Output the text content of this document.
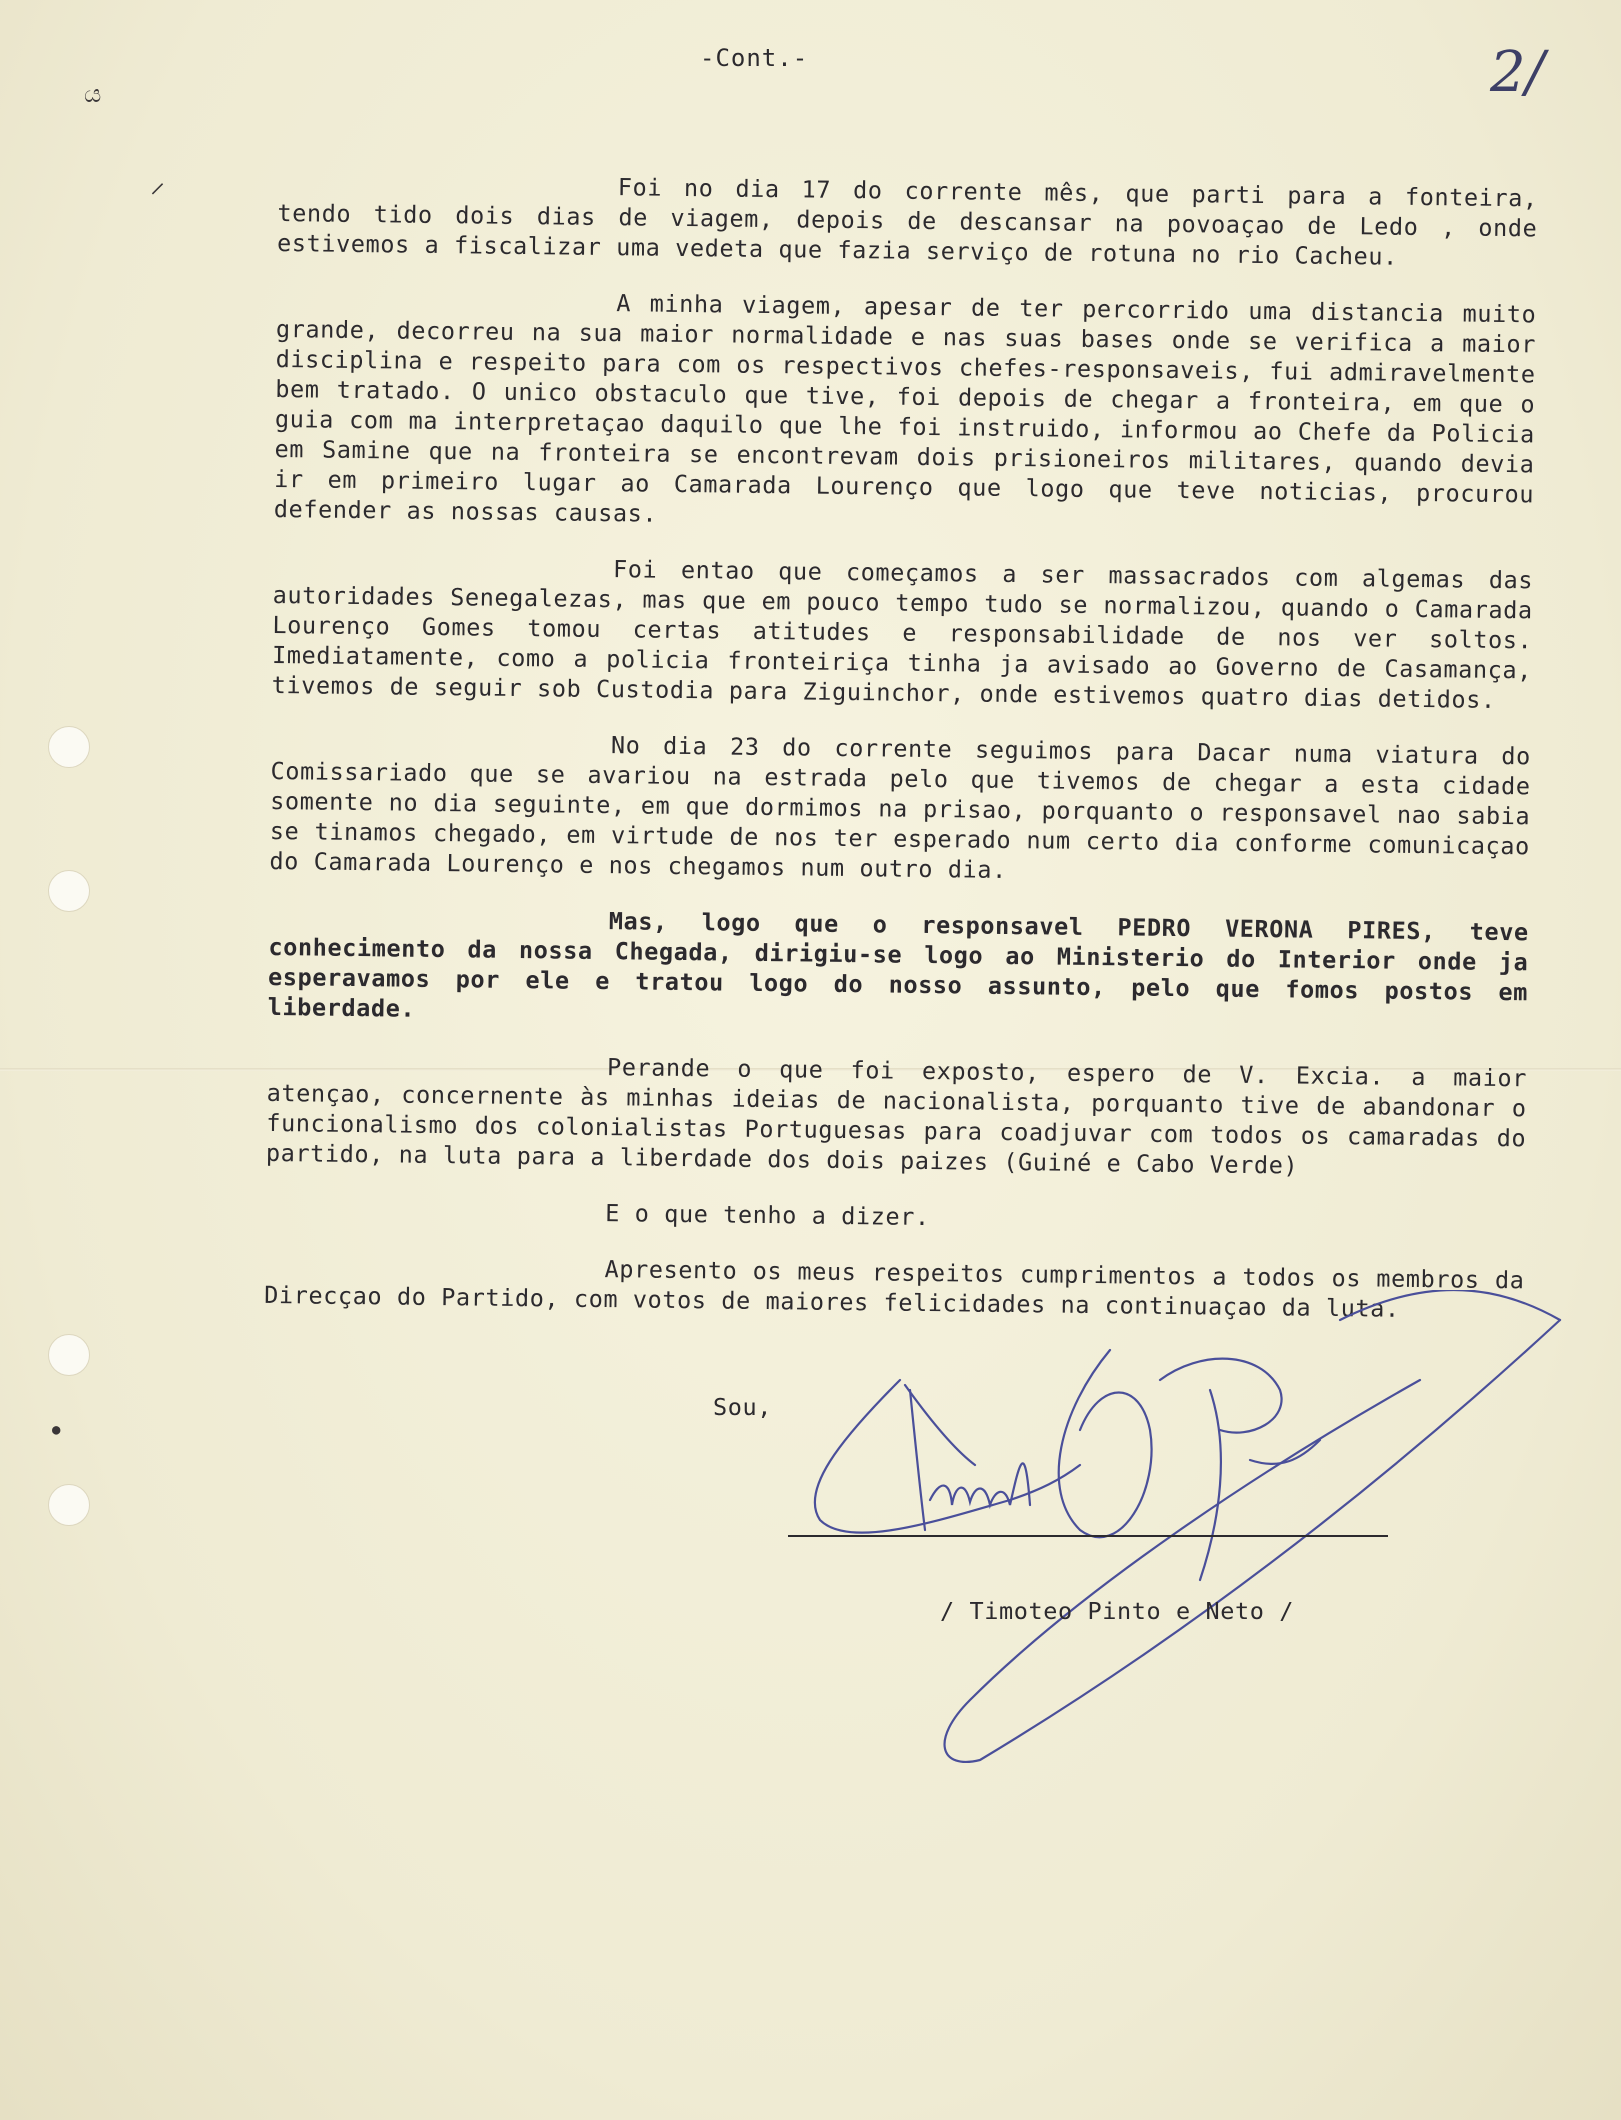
ය
⸝
●
-Cont.-	2/

Foi no dia 17 do corrente mês, que parti para a fonteira, tendo tido dois dias de viagem, depois de descansar na povoaçao de Ledo , onde estivemos a fiscalizar uma vedeta que fazia serviço de rotuna no rio Cacheu.

A minha viagem, apesar de ter percorrido uma distancia muito grande, decorreu na sua maior normalidade e nas suas bases onde se verifica a maior disciplina e respeito para com os respectivos chefes-responsaveis, fui admiravelmente bem tratado. O unico obstaculo que tive, foi depois de chegar a fronteira, em que o guia com ma interpretaçao daquilo que lhe foi instruido, informou ao Chefe da Policia em Samine que na fronteira se encontrevam dois prisioneiros militares, quando devia ir em primeiro lugar ao Camarada Lourenço que logo que teve noticias, procurou defender as nossas causas.

Foi entao que começamos a ser massacrados com algemas das autoridades Senegalezas, mas que em pouco tempo tudo se normalizou, quando o Camarada Lourenço Gomes tomou certas atitudes e responsabilidade de nos ver soltos. Imediatamente, como a policia fronteiriça tinha ja avisado ao Governo de Casamança, tivemos de seguir sob Custodia para Ziguinchor, onde estivemos quatro dias detidos.

No dia 23 do corrente seguimos para Dacar numa viatura do Comissariado que se avariou na estrada pelo que tivemos de chegar a esta cidade somente no dia seguinte, em que dormimos na prisao, porquanto o responsavel nao sabia se tinamos chegado, em virtude de nos ter esperado num certo dia conforme comunicaçao do Camarada Lourenço e nos chegamos num outro dia.

Mas, logo que o responsavel PEDRO VERONA PIRES, teve conhecimento da nossa Chegada, dirigiu-se logo ao Ministerio do Interior onde ja esperavamos por ele e tratou logo do nosso assunto, pelo que fomos postos em liberdade.

Perande o que foi exposto, espero de V. Excia. a maior atençao, concernente às minhas ideias de nacionalista, porquanto tive de abandonar o funcionalismo dos colonialistas Portuguesas para coadjuvar com todos os camaradas do partido, na luta para a liberdade dos dois paizes (Guiné e Cabo Verde)

E o que tenho a dizer.

Apresento os meus respeitos cumprimentos a todos os membros da Direcçao do Partido, com votos de maiores felicidades na continuaçao da luta.

Sou,
/ Timoteo Pinto e Neto /
